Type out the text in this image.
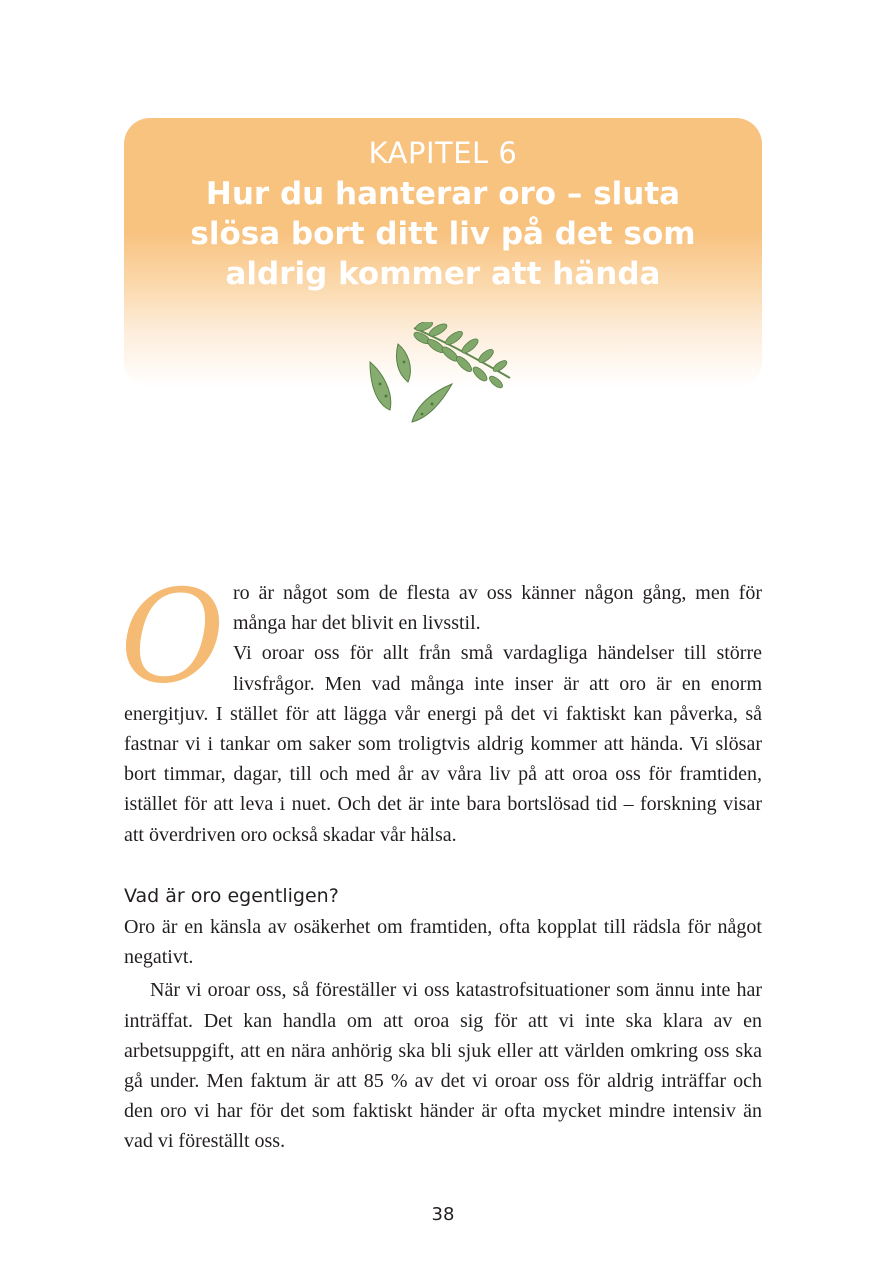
KAPITEL 6
Hur du hanterar oro – sluta slösa bort ditt liv på det som aldrig kommer att hända
O ro är något som de flesta av oss känner någon gång, men för många har det blivit en livsstil.

Vi oroar oss för allt från små vardagliga händelser till större livsfrågor. Men vad många inte inser är att oro är en enorm energitjuv. I stället för att lägga vår energi på det vi faktiskt kan påverka, så fastnar vi i tankar om saker som troligtvis aldrig kommer att hända. Vi slösar bort timmar, dagar, till och med år av våra liv på att oroa oss för framtiden, istället för att leva i nuet. Och det är inte bara bortslösad tid – forskning visar att överdriven oro också skadar vår hälsa.

Vad är oro egentligen?

Oro är en känsla av osäkerhet om framtiden, ofta kopplat till rädsla för något negativt.

När vi oroar oss, så föreställer vi oss katastrofsituationer som ännu inte har inträffat. Det kan handla om att oroa sig för att vi inte ska klara av en arbetsuppgift, att en nära anhörig ska bli sjuk eller att världen omkring oss ska gå under. Men faktum är att 85 % av det vi oroar oss för aldrig inträffar och den oro vi har för det som faktiskt händer är ofta mycket mindre intensiv än vad vi föreställt oss.

38
